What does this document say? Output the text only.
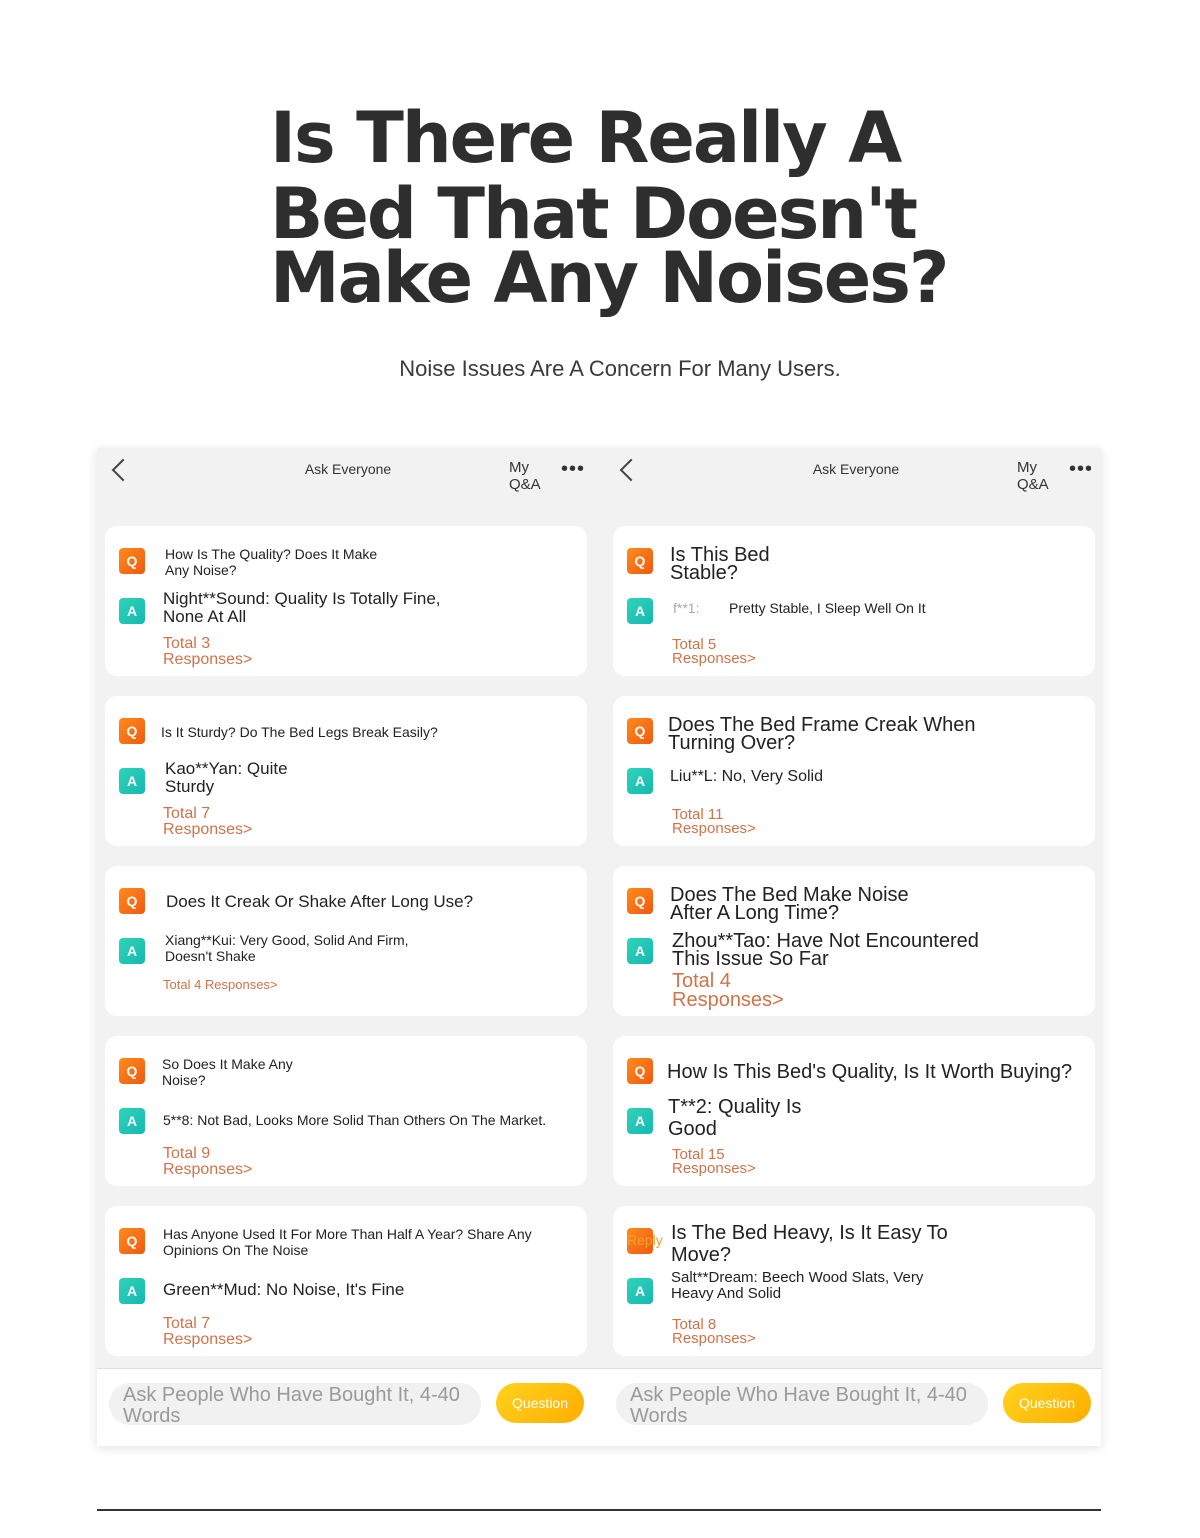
Is There Really A
Bed That Doesn't
Make Any Noises?
Noise Issues Are A Concern For Many Users.
Ask Everyone	My Q&A
•••
Q	How Is The Quality? Does It Make Any Noise?
A
Night**Sound: Quality Is Totally Fine, None At All
Total 3 Responses>
Q	Is It Sturdy? Do The Bed Legs Break Easily?
A
Kao**Yan: Quite Sturdy
Total 7 Responses>
Q	Does It Creak Or Shake After Long Use?
A
Xiang**Kui: Very Good, Solid And Firm, Doesn't Shake
Total 4 Responses>
Q	So Does It Make Any Noise?
A	5**8: Not Bad, Looks More Solid Than Others On The Market.
Total 9 Responses>
Q	Has Anyone Used It For More Than Half A Year? Share Any Opinions On The Noise
A	Green**Mud: No Noise, It's Fine
Total 7 Responses>
Ask Everyone	My Q&A
•••
Q	Is This Bed Stable?
A	f**1: Pretty Stable, I Sleep Well On It
Total 5 Responses>
Q	Does The Bed Frame Creak When Turning Over?
A	Liu**L: No, Very Solid
Total 11 Responses>
Q	Does The Bed Make Noise After A Long Time?
A	Zhou**Tao: Have Not Encountered This Issue So Far
Total 4 Responses>
Q	How Is This Bed's Quality, Is It Worth Buying?
A
T**2: Quality Is Good
Total 15 Responses>
Reply Is The Bed Heavy, Is It Easy To Move?
A
Salt**Dream: Beech Wood Slats, Very Heavy And Solid
Total 8 Responses>
Ask People Who Have Bought It, 4-40 Words
Question	Ask People Who Have Bought It, 4-40 Words
Question
